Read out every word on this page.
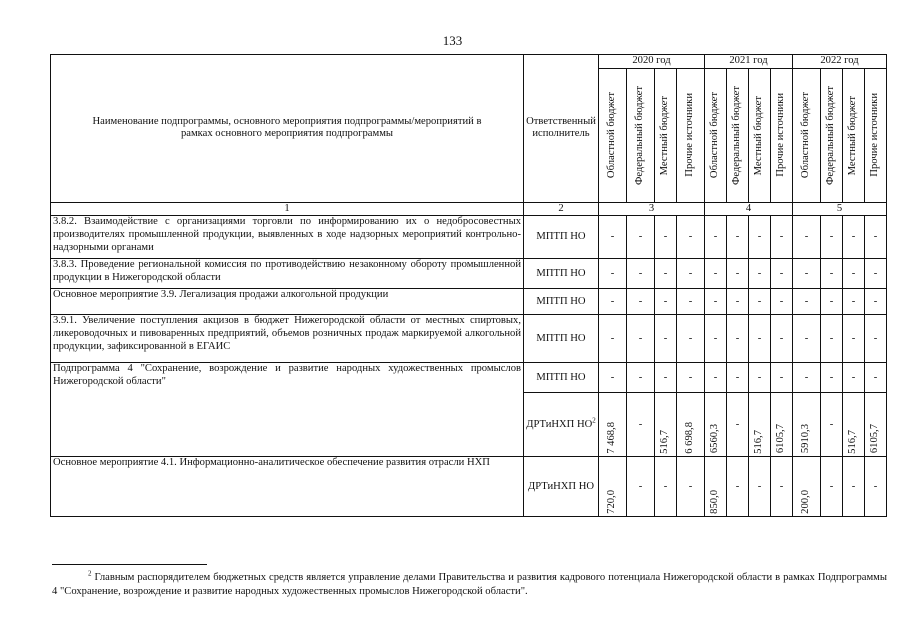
133
Наименование подпрограммы, основного мероприятия подпрограммы/мероприятий в рамках основного мероприятия подпрограммы	Ответственный исполнитель	2020 год				2021 год				2022 год			

		Областной бюджет	Федеральный бюджет	Местный бюджет	Прочие источники	Областной бюджет	Федеральный бюджет	Местный бюджет	Прочие источники	Областной бюджет	Федеральный бюджет	Местный бюджет	Прочие источники

1	2	3				4				5			
3.8.2. Взаимодействие с организациями торговли по информированию их о недобросовестных производителях промышленной продукции, выявленных в ходе надзорных мероприятий контрольно-надзорными органами	МПТП НО	-	-	-	-	-	-	-	-	-	-	-	-
3.8.3. Проведение региональной комиссия по противодействию незаконному обороту промышленной продукции в Нижегородской области	МПТП НО	-	-	-	-	-	-	-	-	-	-	-	-
Основное мероприятие 3.9. Легализация продажи алкогольной продукции	МПТП НО	-	-	-	-	-	-	-	-	-	-	-	-
3.9.1. Увеличение поступления акцизов в бюджет Нижегородской области от местных спиртовых, ликероводочных и пивоваренных предприятий, объемов розничных продаж маркируемой алкогольной продукции, зафиксированной в ЕГАИС	МПТП НО	-	-	-	-	-	-	-	-	-	-	-	-
Подпрограмма 4 "Сохранение, возрождение и развитие народных художественных промыслов Нижегородской области"	МПТП НО	-	-	-	-	-	-	-	-	-	-	-	-
	ДРТиНХП $НО^2$	7 468,8	-	516,7	6 698,8	6560,3	-	516,7	6105,7	5910,3	-	516,7	6105,7

Основное мероприятие 4.1. Информационно-аналитическое обеспечение развития отрасли НХП	ДРТиНХП НО	720,0	-	-	-	850,0	-	-	-	200,0	-	-	-
$^2$ Главным распорядителем бюджетных средств является управление делами Правительства и развития кадрового потенциала Нижегородской области в рамках Подпрограммы 4 "Сохранение, возрождение и развитие народных художественных промыслов Нижегородской области".
